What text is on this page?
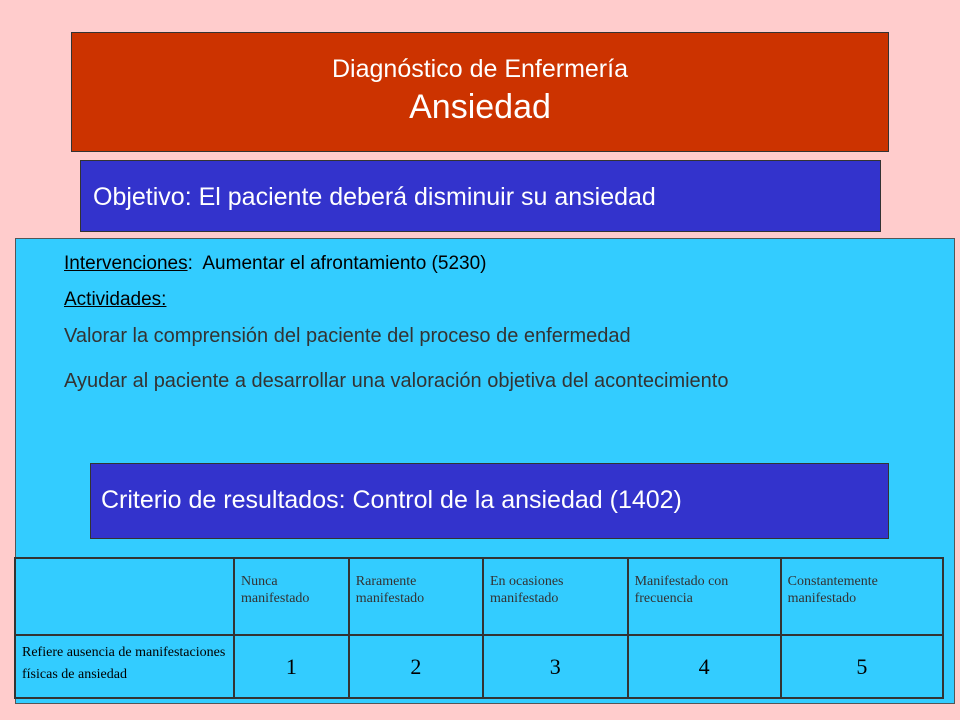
Diagnóstico de Enfermería
Ansiedad
Objetivo: El paciente deberá disminuir su ansiedad
Intervenciones: Aumentar el afrontamiento (5230)
Actividades:
Valorar la comprensión del paciente del proceso de enfermedad
Ayudar al paciente a desarrollar una valoración objetiva del acontecimiento
Criterio de resultados: Control de la ansiedad (1402)
	Nunca manifestado	Raramente manifestado	En ocasiones manifestado	Manifestado con frecuencia	Constantemente manifestado
Refiere ausencia de manifestaciones físicas de ansiedad	1	2	3	4	5
